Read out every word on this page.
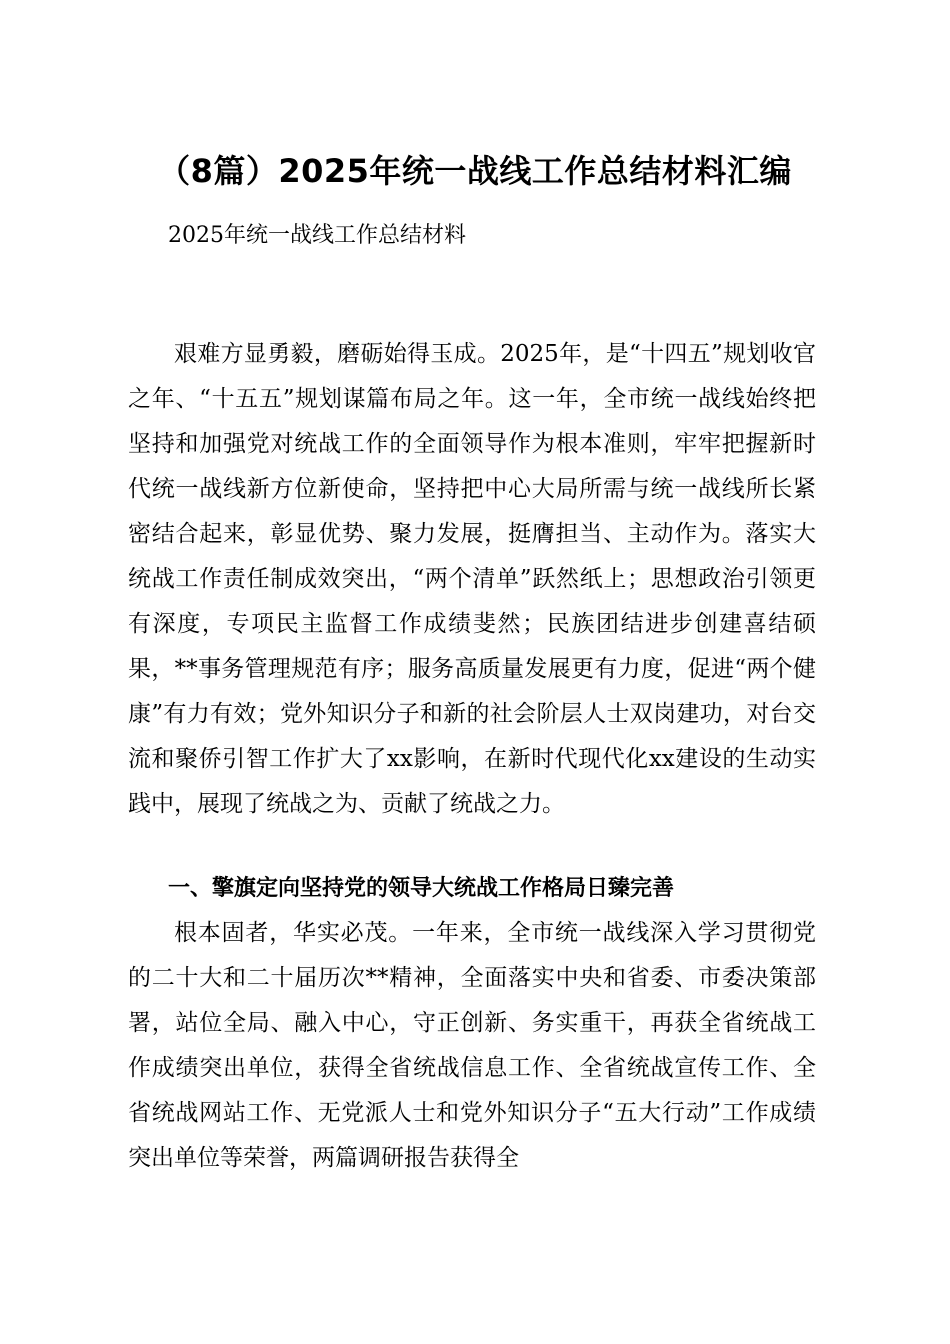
（8篇）2025年统一战线工作总结材料汇编
2025年统一战线工作总结材料

艰难方显勇毅，磨砺始得玉成。2025年，是“十四五”规划收官之年、“十五五”规划谋篇布局之年。这一年，全市统一战线始终把坚持和加强党对统战工作的全面领导作为根本准则，牢牢把握新时代统一战线新方位新使命，坚持把中心大局所需与统一战线所长紧密结合起来，彰显优势、聚力发展，挺膺担当、主动作为。落实大统战工作责任制成效突出，“两个清单”跃然纸上；思想政治引领更有深度，专项民主监督工作成绩斐然；民族团结进步创建喜结硕果，**事务管理规范有序；服务高质量发展更有力度，促进“两个健康”有力有效；党外知识分子和新的社会阶层人士双岗建功，对台交流和聚侨引智工作扩大了xx影响，在新时代现代化xx建设的生动实践中，展现了统战之为、贡献了统战之力。

一、擎旗定向坚持党的领导大统战工作格局日臻完善

根本固者，华实必茂。一年来，全市统一战线深入学习贯彻党的二十大和二十届历次**精神，全面落实中央和省委、市委决策部署，站位全局、融入中心，守正创新、务实重干，再获全省统战工作成绩突出单位，获得全省统战信息工作、全省统战宣传工作、全省统战网站工作、无党派人士和党外知识分子“五大行动”工作成绩突出单位等荣誉，两篇调研报告获得全
